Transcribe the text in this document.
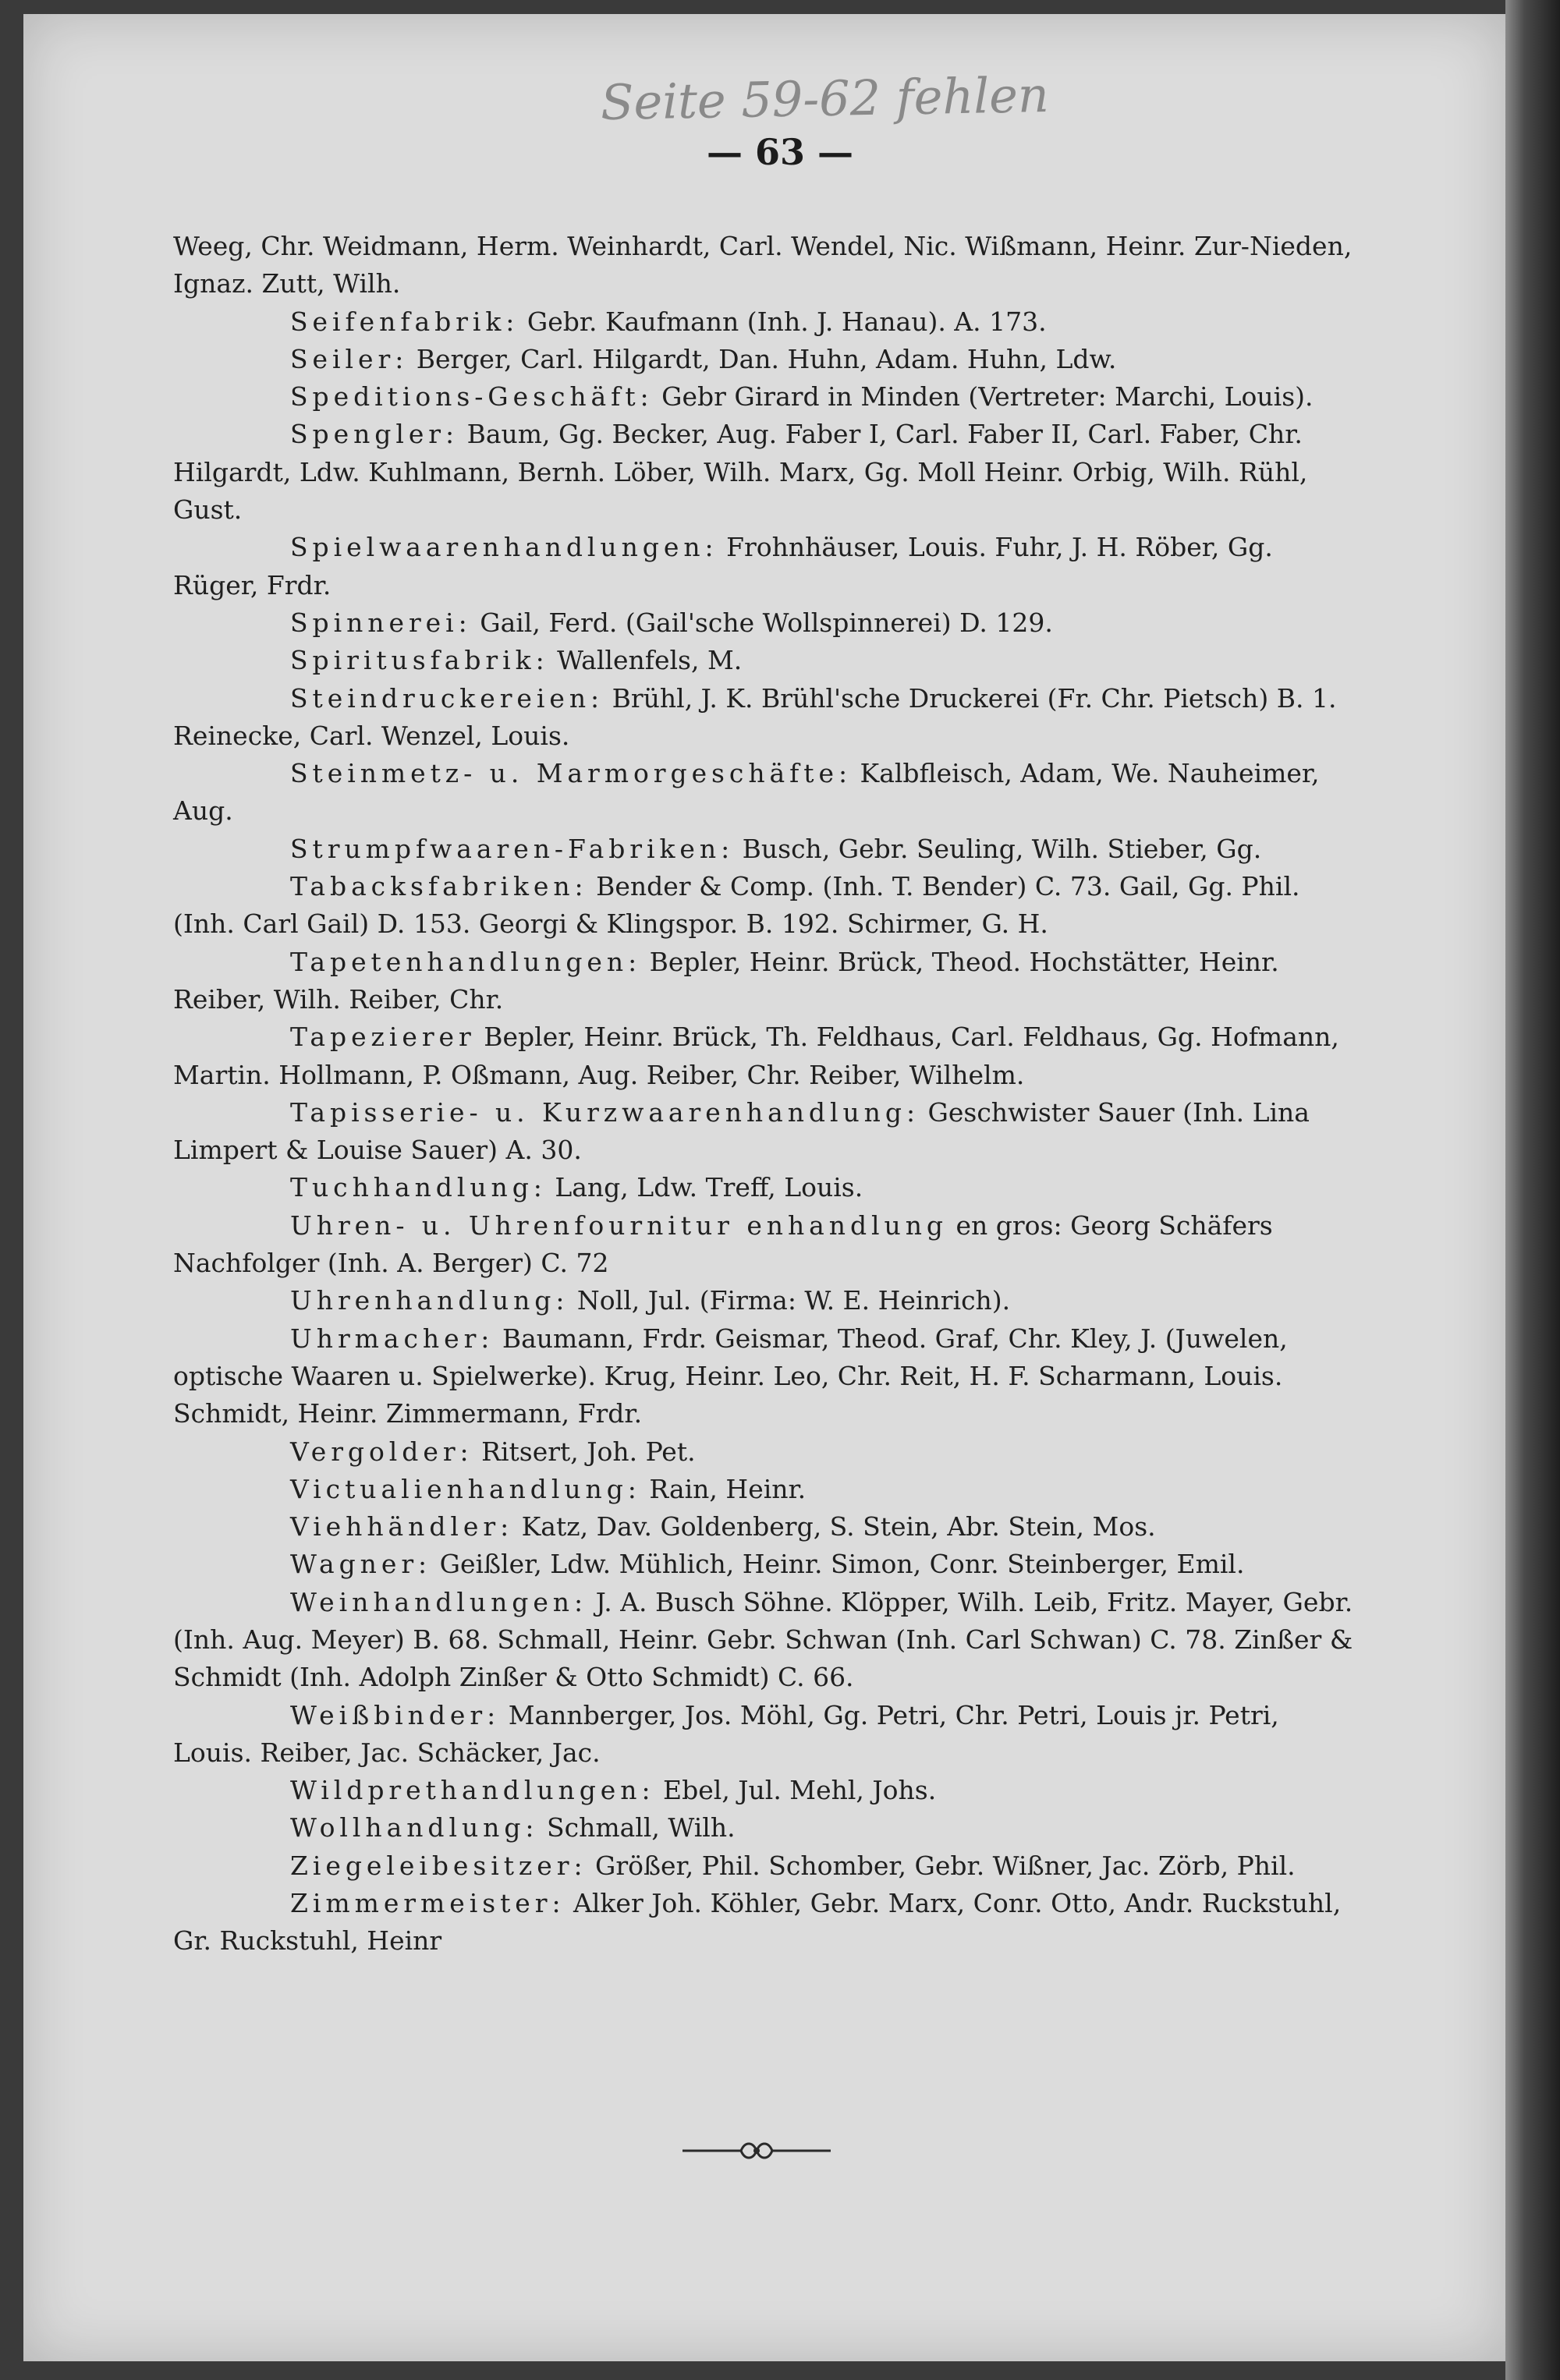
Seite 59-62 fehlen
— 63 —

Weeg, Chr. Weidmann, Herm. Weinhardt, Carl. Wendel, Nic. Wißmann, Heinr. Zur-Nieden, Ignaz. Zutt, Wilh.

Seifenfabrik: Gebr. Kaufmann (Inh. J. Hanau). A. 173.

Seiler: Berger, Carl. Hilgardt, Dan. Huhn, Adam. Huhn, Ldw.

Speditions-Geschäft: Gebr Girard in Minden (Vertreter: Marchi, Louis).

Spengler: Baum, Gg. Becker, Aug. Faber I, Carl. Faber II, Carl. Faber, Chr. Hilgardt, Ldw. Kuhlmann, Bernh. Löber, Wilh. Marx, Gg. Moll Heinr. Orbig, Wilh. Rühl, Gust.

Spielwaarenhandlungen: Frohnhäuser, Louis. Fuhr, J. H. Röber, Gg. Rüger, Frdr.

Spinnerei: Gail, Ferd. (Gail'sche Wollspinnerei) D. 129.

Spiritusfabrik: Wallenfels, M.

Steindruckereien: Brühl, J. K. Brühl'sche Druckerei (Fr. Chr. Pietsch) B. 1. Reinecke, Carl. Wenzel, Louis.

Steinmetz- u. Marmorgeschäfte: Kalbfleisch, Adam, We. Nauheimer, Aug.

Strumpfwaaren-Fabriken: Busch, Gebr. Seuling, Wilh. Stieber, Gg.

Tabacksfabriken: Bender & Comp. (Inh. T. Bender) C. 73. Gail, Gg. Phil. (Inh. Carl Gail) D. 153. Georgi & Klingspor. B. 192. Schirmer, G. H.

Tapetenhandlungen: Bepler, Heinr. Brück, Theod. Hochstätter, Heinr. Reiber, Wilh. Reiber, Chr.

Tapezierer Bepler, Heinr. Brück, Th. Feldhaus, Carl. Feldhaus, Gg. Hofmann, Martin. Hollmann, P. Oßmann, Aug. Reiber, Chr. Reiber, Wilhelm.

Tapisserie- u. Kurzwaarenhandlung: Geschwister Sauer (Inh. Lina Limpert & Louise Sauer) A. 30.

Tuchhandlung: Lang, Ldw. Treff, Louis.

Uhren- u. Uhrenfournitur enhandlung en gros: Georg Schäfers Nachfolger (Inh. A. Berger) C. 72

Uhrenhandlung: Noll, Jul. (Firma: W. E. Heinrich).

Uhrmacher: Baumann, Frdr. Geismar, Theod. Graf, Chr. Kley, J. (Juwelen, optische Waaren u. Spielwerke). Krug, Heinr. Leo, Chr. Reit, H. F. Scharmann, Louis. Schmidt, Heinr. Zimmermann, Frdr.

Vergolder: Ritsert, Joh. Pet.

Victualienhandlung: Rain, Heinr.

Viehhändler: Katz, Dav. Goldenberg, S. Stein, Abr. Stein, Mos.

Wagner: Geißler, Ldw. Mühlich, Heinr. Simon, Conr. Steinberger, Emil.

Weinhandlungen: J. A. Busch Söhne. Klöpper, Wilh. Leib, Fritz. Mayer, Gebr. (Inh. Aug. Meyer) B. 68. Schmall, Heinr. Gebr. Schwan (Inh. Carl Schwan) C. 78. Zinßer & Schmidt (Inh. Adolph Zinßer & Otto Schmidt) C. 66.

Weißbinder: Mannberger, Jos. Möhl, Gg. Petri, Chr. Petri, Louis jr. Petri, Louis. Reiber, Jac. Schäcker, Jac.

Wildprethandlungen: Ebel, Jul. Mehl, Johs.

Wollhandlung: Schmall, Wilh.

Ziegeleibesitzer: Größer, Phil. Schomber, Gebr. Wißner, Jac. Zörb, Phil.

Zimmermeister: Alker Joh. Köhler, Gebr. Marx, Conr. Otto, Andr. Ruckstuhl, Gr. Ruckstuhl, Heinr
